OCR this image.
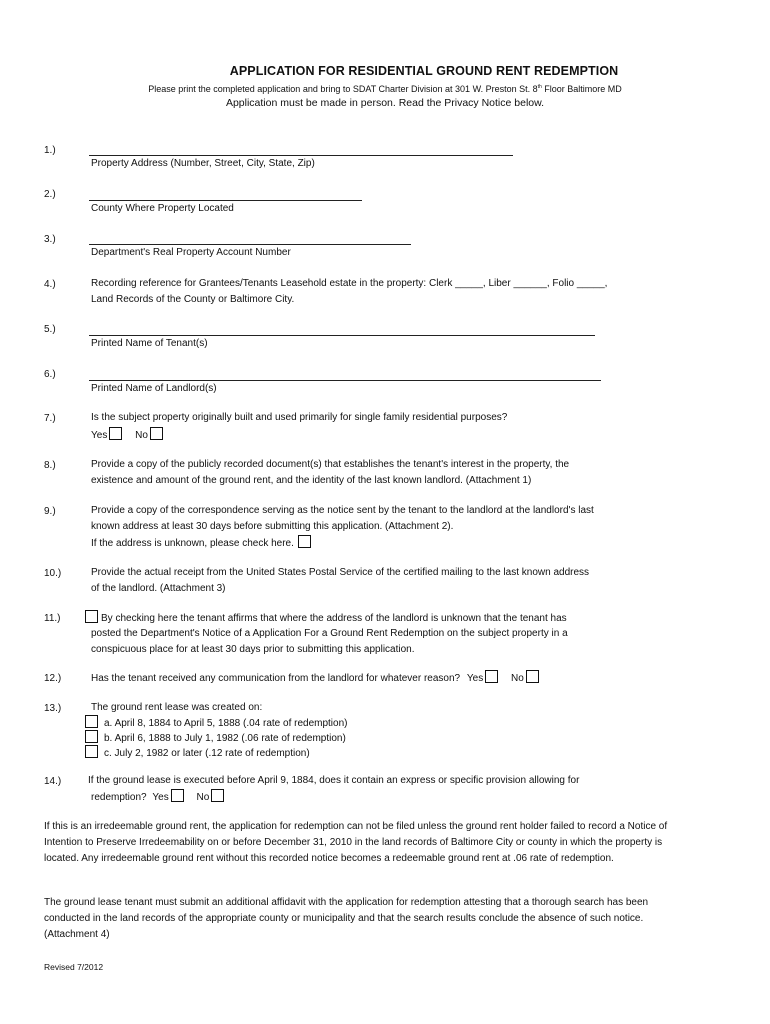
APPLICATION FOR RESIDENTIAL GROUND RENT REDEMPTION
Please print the completed application and bring to SDAT Charter Division at 301 W. Preston St. 8th Floor Baltimore MD
Application must be made in person. Read the Privacy Notice below.
1.)
Property Address (Number, Street, City, State, Zip)
2.)
County Where Property Located
3.)
Department's Real Property Account Number
4.)	Recording reference for Grantees/Tenants Leasehold estate in the property: Clerk _____, Liber ______, Folio _____,
Land Records of the County or Baltimore City.
5.)
Printed Name of Tenant(s)
6.)
Printed Name of Landlord(s)
7.)	Is the subject property originally built and used primarily for single family residential purposes?
Yes	No
8.)	Provide a copy of the publicly recorded document(s) that establishes the tenant's interest in the property, the
existence and amount of the ground rent, and the identity of the last known landlord. (Attachment 1)
9.)	Provide a copy of the correspondence serving as the notice sent by the tenant to the landlord at the landlord's last
known address at least 30 days before submitting this application. (Attachment 2).
If the address is unknown, please check here.
10.)	Provide the actual receipt from the United States Postal Service of the certified mailing to the last known address
of the landlord. (Attachment 3)
11.)	By checking here the tenant affirms that where the address of the landlord is unknown that the tenant has
posted the Department's Notice of a Application For a Ground Rent Redemption on the subject property in a
conspicuous place for at least 30 days prior to submitting this application.
12.)	Has the tenant received any communication from the landlord for whatever reason? Yes	No
13.)	The ground rent lease was created on:
a. April 8, 1884 to April 5, 1888 (.04 rate of redemption)
b. April 6, 1888 to July 1, 1982 (.06 rate of redemption)
c. July 2, 1982 or later (.12 rate of redemption)
14.)	If the ground lease is executed before April 9, 1884, does it contain an express or specific provision allowing for
redemption? Yes	No
If this is an irredeemable ground rent, the application for redemption can not be filed unless the ground rent holder failed to record a Notice of Intention to Preserve Irredeemability on or before December 31, 2010 in the land records of Baltimore City or county in which the property is located. Any irredeemable ground rent without this recorded notice becomes a redeemable ground rent at .06 rate of redemption.
The ground lease tenant must submit an additional affidavit with the application for redemption attesting that a thorough search has been conducted in the land records of the appropriate county or municipality and that the search results conclude the absence of such notice. (Attachment 4)
Revised 7/2012
